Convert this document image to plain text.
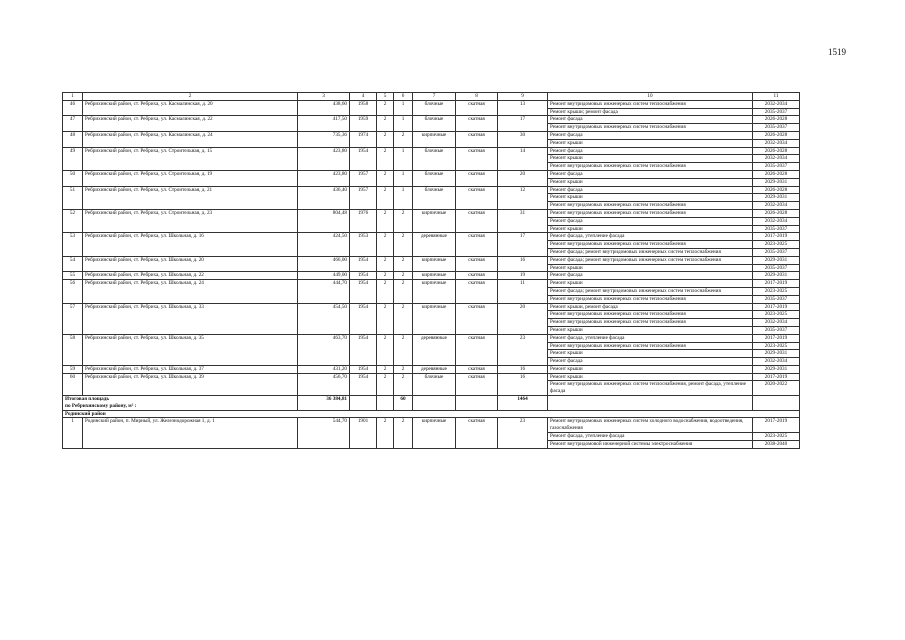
1519
1	2	3	4	5	6	7	8	9	10	11
46	Ребрихинский район, ст. Ребриха, ул. Касмалинская, д. 20	438,60	1958	2	1	блочные	скатная	13	Ремонт внутридомовых инженерных систем теплоснабжения	2032-2034
									Ремонт крыши; ремонт фасада	2035-2037
47	Ребрихинский район, ст. Ребриха, ул. Касмалинская, д. 22	417,50	1959	2	1	блочные	скатная	17	Ремонт фасада	2026-2028
									Ремонт внутридомовых инженерных систем теплоснабжения	2035-2037
48	Ребрихинский район, ст. Ребриха, ул. Касмалинская, д. 24	735,36	1974	2	2	кирпичные	скатная	30	Ремонт фасада	2026-2028
									Ремонт крыши	2032-2034
49	Ребрихинский район, ст. Ребриха, ул. Строительная, д. 15	423,80	1954	2	1	блочные	скатная	14	Ремонт фасада	2026-2028
									Ремонт крыши	2032-2034
									Ремонт внутридомовых инженерных систем теплоснабжения	2035-2037
50	Ребрихинский район, ст. Ребриха, ул. Строительная, д. 19	423,80	1957	2	1	блочные	скатная	20	Ремонт фасада	2026-2028
									Ремонт крыши	2029-2031
51	Ребрихинский район, ст. Ребриха, ул. Строительная, д. 21	436,40	1957	2	1	блочные	скатная	12	Ремонт фасада	2026-2028
									Ремонт крыши	2029-2031
									Ремонт внутридомовых инженерных систем теплоснабжения	2032-2034
52	Ребрихинский район, ст. Ребриха, ул. Строительная, д. 23	804,48	1976	2	2	кирпичные	скатная	31	Ремонт внутридомовых инженерных систем теплоснабжения	2026-2028
									Ремонт фасада	2032-2034
									Ремонт крыши	2035-2037
53	Ребрихинский район, ст. Ребриха, ул. Школьная, д. 16	424,50	1953	2	2	деревянные	скатная	17	Ремонт фасада, утепление фасада	2017-2019
									Ремонт внутридомовых инженерных систем теплоснабжения	2023-2025
									Ремонт фасада; ремонт внутридомовых инженерных систем теплоснабжения	2035-2037
54	Ребрихинский район, ст. Ребриха, ул. Школьная, д. 20	466,00	1954	2	2	кирпичные	скатная	16	Ремонт фасада; ремонт внутридомовых инженерных систем теплоснабжения	2029-2031
									Ремонт крыши	2035-2037
55	Ребрихинский район, ст. Ребриха, ул. Школьная, д. 22	449,00	1954	2	2	кирпичные	скатная	19	Ремонт фасада	2029-2031
56	Ребрихинский район, ст. Ребриха, ул. Школьная, д. 24	444,70	1954	2	2	кирпичные	скатная	11	Ремонт крыши	2017-2019
									Ремонт фасада; ремонт внутридомовых инженерных систем теплоснабжения	2023-2025
									Ремонт внутридомовых инженерных систем теплоснабжения	2035-2037
57	Ребрихинский район, ст. Ребриха, ул. Школьная, д. 33	454,50	1954	2	2	кирпичные	скатная	20	Ремонт крыши, ремонт фасада	2017-2019
									Ремонт внутридомовых инженерных систем теплоснабжения	2023-2025
									Ремонт внутридомовых инженерных систем теплоснабжения	2032-2034
									Ремонт крыши	2035-2037
58	Ребрихинский район, ст. Ребриха, ул. Школьная, д. 35	463,70	1954	2	2	деревянные	скатная	23	Ремонт фасада, утепление фасада	2017-2019
									Ремонт внутридомовых инженерных систем теплоснабжения	2023-2025
									Ремонт крыши	2029-2031
									Ремонт фасада	2032-2034
59	Ребрихинский район, ст. Ребриха, ул. Школьная, д. 37	431,20	1954	2	2	деревянные	скатная	16	Ремонт крыши	2029-2031
60	Ребрихинский район, ст. Ребриха, ул. Школьная, д. 39	456,70	1954	2	2	блочные	скатная	16	Ремонт крыши	2017-2019
									Ремонт внутридомовых инженерных систем теплоснабжения, ремонт фасада, утепление фасада	2020-2022

Итоговая площадь
по Ребрихинскому району, м² :		36 384,81			60			1464		
Родинский район										
1	Родинский район, п. Мирный, ул. Железнодорожная 1, д. 1	544,70	1901	2	2	кирпичные	скатная	23	Ремонт внутридомовых инженерных систем холодного водоснабжения, водоотведения, газоснабжения	2017-2019
									Ремонт фасада, утепление фасада	2023-2025
									Ремонт внутридомовой инженерной системы электроснабжения	2038-2040
